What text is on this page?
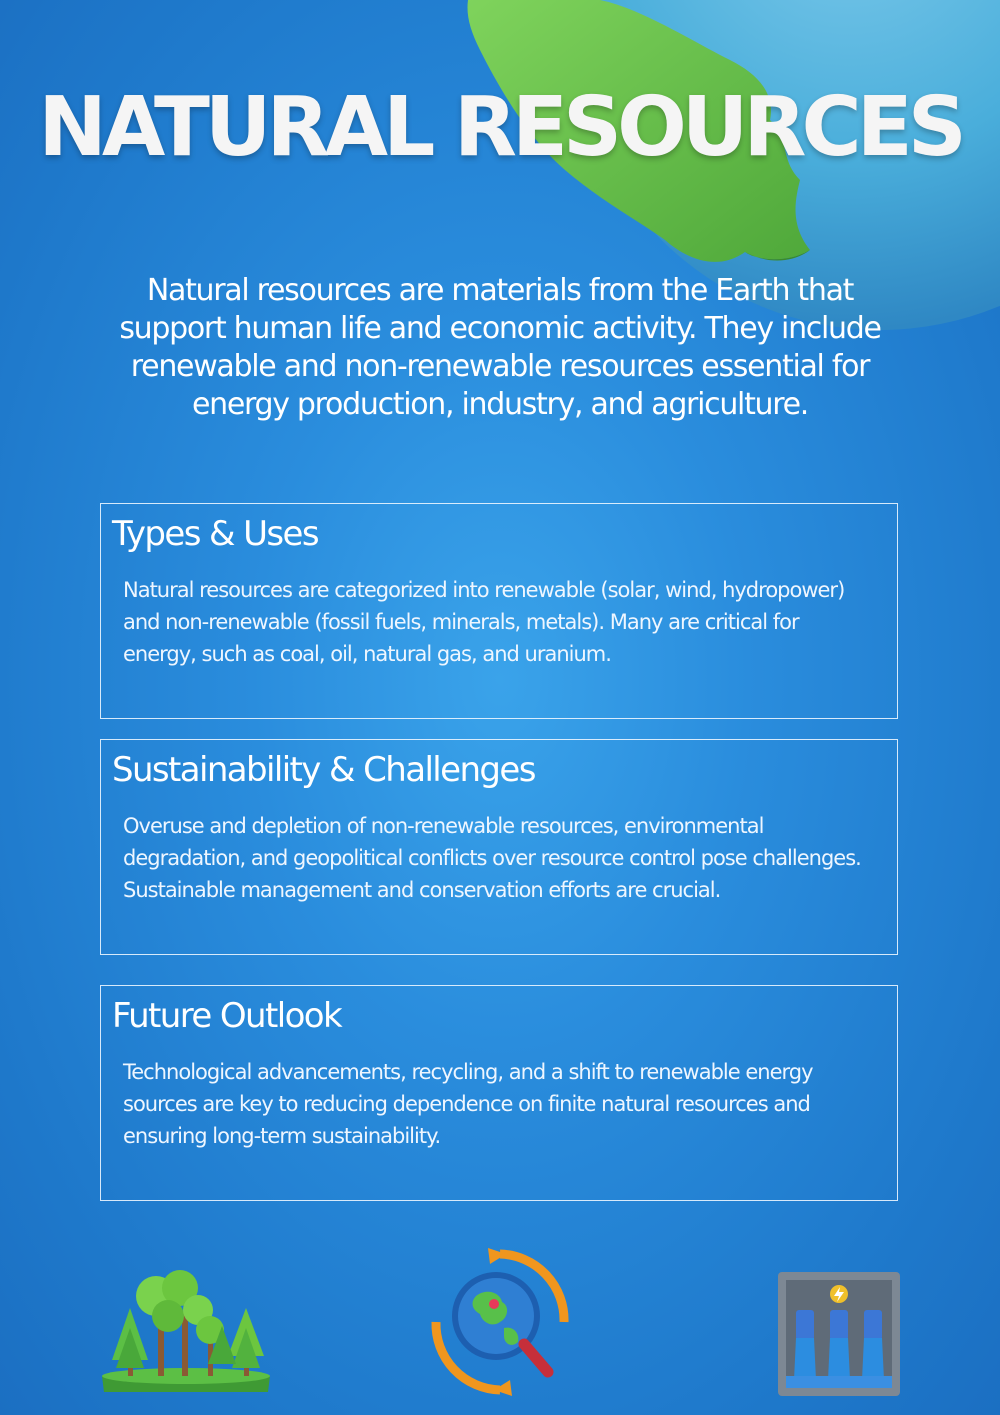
NATURAL RESOURCES

Natural resources are materials from the Earth that support human life and economic activity. They include renewable and non-renewable resources essential for energy production, industry, and agriculture.

Types & Uses

Natural resources are categorized into renewable (solar, wind, hydropower) and non-renewable (fossil fuels, minerals, metals). Many are critical for energy, such as coal, oil, natural gas, and uranium.

Sustainability & Challenges

Overuse and depletion of non-renewable resources, environmental degradation, and geopolitical conflicts over resource control pose challenges. Sustainable management and conservation efforts are crucial.

Future Outlook

Technological advancements, recycling, and a shift to renewable energy sources are key to reducing dependence on finite natural resources and ensuring long-term sustainability.
